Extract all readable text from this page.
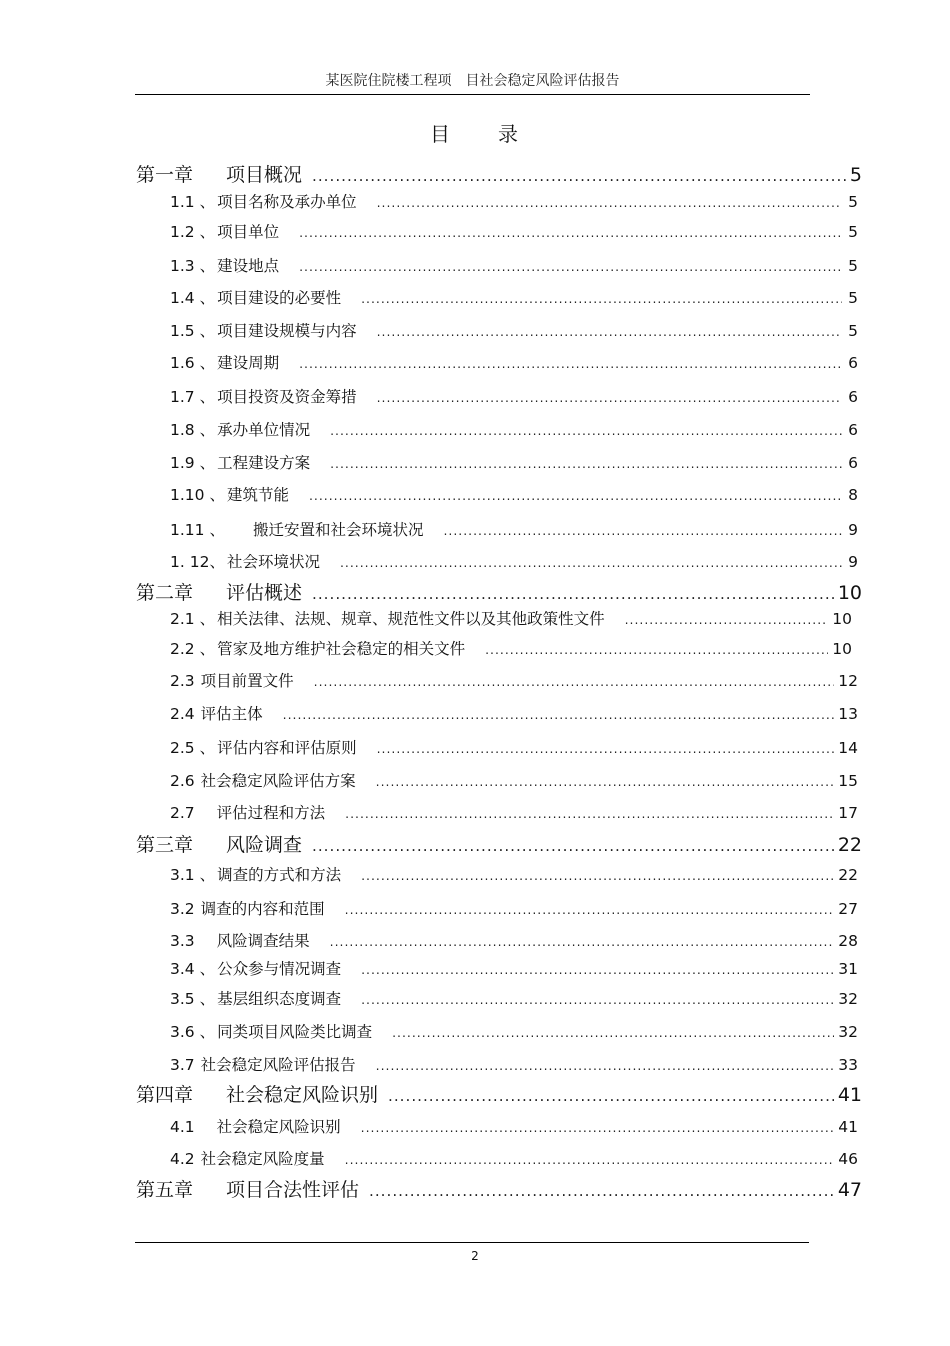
某医院住院楼工程项　目社会稳定风险评估报告
目 录
第一章 项目概况 .....	5
1.1 、 项目名称及承办单位 .....	5
1.2 、 项目单位 .....	5
1.3 、 建设地点 .....	5
1.4 、 项目建设的必要性 .....	5
1.5 、 项目建设规模与内容 .....	5
1.6 、 建设周期 .....	6
1.7 、 项目投资及资金筹措 .....	6
1.8 、 承办单位情况 .....	6
1.9 、 工程建设方案 .....	6
1.10 、 建筑节能 .....	8
1.11 、 搬迁安置和社会环境状况 .....	9
1. 12、 社会环境状况 .....	9
第二章 评估概述 .....	10
2.1 、 相关法律、法规、规章、规范性文件以及其他政策性文件 .....	10
2.2 、 管家及地方维护社会稳定的相关文件 .....	10
2.3 项目前置文件 .....	12
2.4 评估主体 .....	13
2.5 、 评估内容和评估原则 .....	14
2.6 社会稳定风险评估方案 .....	15
2.7 评估过程和方法 .....	17
第三章 风险调查 .....	22
3.1 、 调查的方式和方法 .....	22
3.2 调查的内容和范围 .....	27
3.3 风险调查结果 .....	28
3.4 、 公众参与情况调查 .....	31
3.5 、 基层组织态度调查 .....	32
3.6 、 同类项目风险类比调查 .....	32
3.7 社会稳定风险评估报告 .....	33
第四章 社会稳定风险识别 .....	41
4.1 社会稳定风险识别 .....	41
4.2 社会稳定风险度量 .....	46
第五章 项目合法性评估 .....	47
2
